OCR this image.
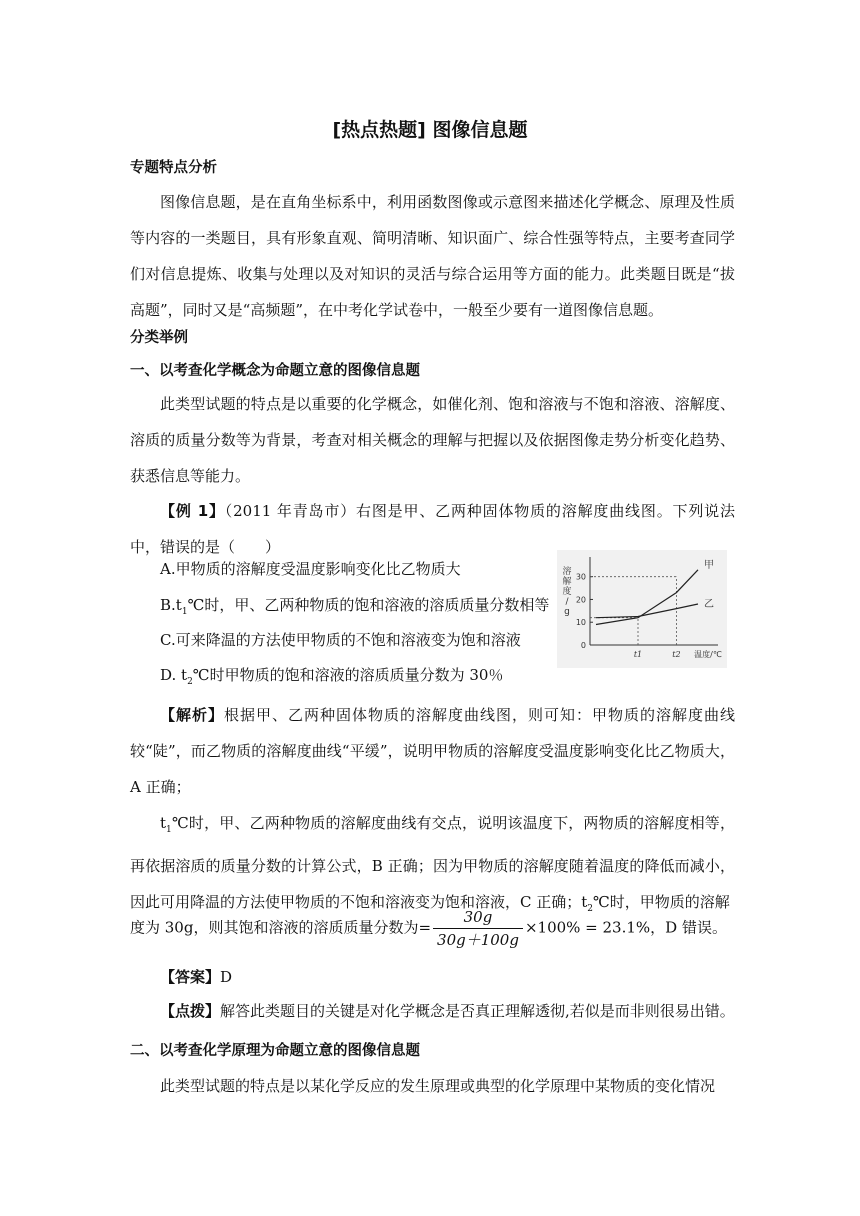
[热点热题] 图像信息题
专题特点分析
图像信息题，是在直角坐标系中，利用函数图像或示意图来描述化学概念、原理及性质等内容的一类题目，具有形象直观、简明清晰、知识面广、综合性强等特点，主要考查同学们对信息提炼、收集与处理以及对知识的灵活与综合运用等方面的能力。此类题目既是“拔高题”，同时又是“高频题”，在中考化学试卷中，一般至少要有一道图像信息题。
分类举例
一、以考查化学概念为命题立意的图像信息题
此类型试题的特点是以重要的化学概念，如催化剂、饱和溶液与不饱和溶液、溶解度、溶质的质量分数等为背景，考查对相关概念的理解与把握以及依据图像走势分析变化趋势、获悉信息等能力。
【例 1】（2011 年青岛市）右图是甲、乙两种固体物质的溶解度曲线图。下列说法中，错误的是（　　）
A.甲物质的溶解度受温度影响变化比乙物质大
$B.t_1℃$时，甲、乙两种物质的饱和溶液的溶质质量分数相等
C.可来降温的方法使甲物质的不饱和溶液变为饱和溶液
D. $t_2℃$时甲物质的饱和溶液的溶质质量分数为 30％
0
10
20
30
溶
解
度
/
g
t1	t2 温度/℃
甲
乙
【解析】根据甲、乙两种固体物质的溶解度曲线图，则可知：甲物质的溶解度曲线较“陡”，而乙物质的溶解度曲线“平缓”，说明甲物质的溶解度受温度影响变化比乙物质大，A 正确；
$t_1℃$时，甲、乙两种物质的溶解度曲线有交点，说明该温度下，两物质的溶解度相等，再依据溶质的质量分数的计算公式，B 正确；因为甲物质的溶解度随着温度的降低而减小，因此可用降温的方法使甲物质的不饱和溶液变为饱和溶液，C 正确；$t_2℃$时，甲物质的溶解
度为 30g，则其饱和溶液的溶质质量分数为= $\frac{30g}{30g+100g} \times 100\% = 23.1\%$，D 错误。
【答案】D
【点拨】解答此类题目的关键是对化学概念是否真正理解透彻,若似是而非则很易出错。
二、以考查化学原理为命题立意的图像信息题
此类型试题的特点是以某化学反应的发生原理或典型的化学原理中某物质的变化情况
